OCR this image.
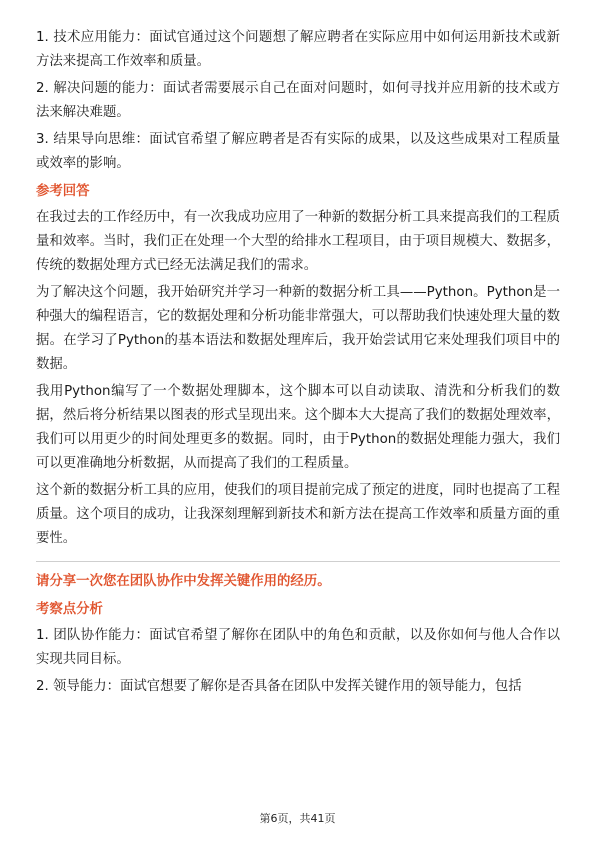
1. 技术应用能力：面试官通过这个问题想了解应聘者在实际应用中如何运用新技术或新方法来提高工作效率和质量。

2. 解决问题的能力：面试者需要展示自己在面对问题时，如何寻找并应用新的技术或方法来解决难题。

3. 结果导向思维：面试官希望了解应聘者是否有实际的成果，以及这些成果对工程质量或效率的影响。

参考回答

在我过去的工作经历中，有一次我成功应用了一种新的数据分析工具来提高我们的工程质量和效率。当时，我们正在处理一个大型的给排水工程项目，由于项目规模大、数据多，传统的数据处理方式已经无法满足我们的需求。

为了解决这个问题，我开始研究并学习一种新的数据分析工具——Python。Python是一种强大的编程语言，它的数据处理和分析功能非常强大，可以帮助我们快速处理大量的数据。在学习了Python的基本语法和数据处理库后，我开始尝试用它来处理我们项目中的数据。

我用Python编写了一个数据处理脚本，这个脚本可以自动读取、清洗和分析我们的数据，然后将分析结果以图表的形式呈现出来。这个脚本大大提高了我们的数据处理效率，我们可以用更少的时间处理更多的数据。同时，由于Python的数据处理能力强大，我们可以更准确地分析数据，从而提高了我们的工程质量。

这个新的数据分析工具的应用，使我们的项目提前完成了预定的进度，同时也提高了工程质量。这个项目的成功，让我深刻理解到新技术和新方法在提高工作效率和质量方面的重要性。

请分享一次您在团队协作中发挥关键作用的经历。
考察点分析

1. 团队协作能力：面试官希望了解你在团队中的角色和贡献，以及你如何与他人合作以实现共同目标。

2. 领导能力：面试官想要了解你是否具备在团队中发挥关键作用的领导能力，包括

第6页，共41页
